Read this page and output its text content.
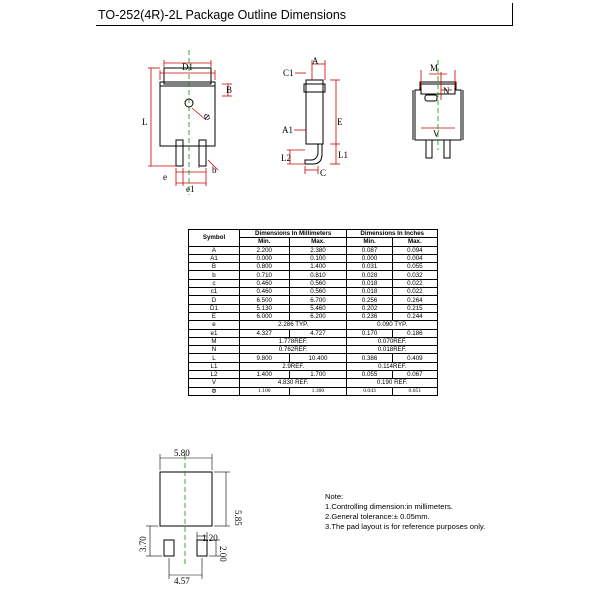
TO-252(4R)-2L Package Outline Dimensions
D1
B
Φ
L
b
e
e1
C1
A
A1
E
L1
L2
C
M
N
V
5.80
5.85
3.70	1.20
2.00
4.57
Symbol	Dimensions In Millimeters		Dimensions In Inches	
	Min.	Max.	Min.	Max.
A	2.200	2.380	0.087	0.094
A1	0.000	0.100	0.000	0.004
B	0.800	1.400	0.031	0.055
b	0.710	0.810	0.028	0.032
c	0.460	0.560	0.018	0.022
c1	0.460	0.560	0.018	0.022
D	6.500	6.700	0.256	0.264
D1	5.130	5.460	0.202	0.215
E	6.000	6.200	0.236	0.244
e	2.286 TYP.		0.090 TYP.	
e1	4.327	4.727	0.170	0.186
M	1.778REF.		0.070REF.	
N	0.762REF.		0.018REF.	
L	9.800	10.400	0.386	0.409
L1	2.9REF.		0.114REF.	
L2	1.400	1.700	0.055	0.067
V	4.830 REF.		0.190 REF.	
Φ	1.100	1.300	0.043	0.051
Note:
1.Controlling dimension:in millimeters.
2.General tolerance:± 0.05mm.
3.The pad layout is for reference purposes only.
